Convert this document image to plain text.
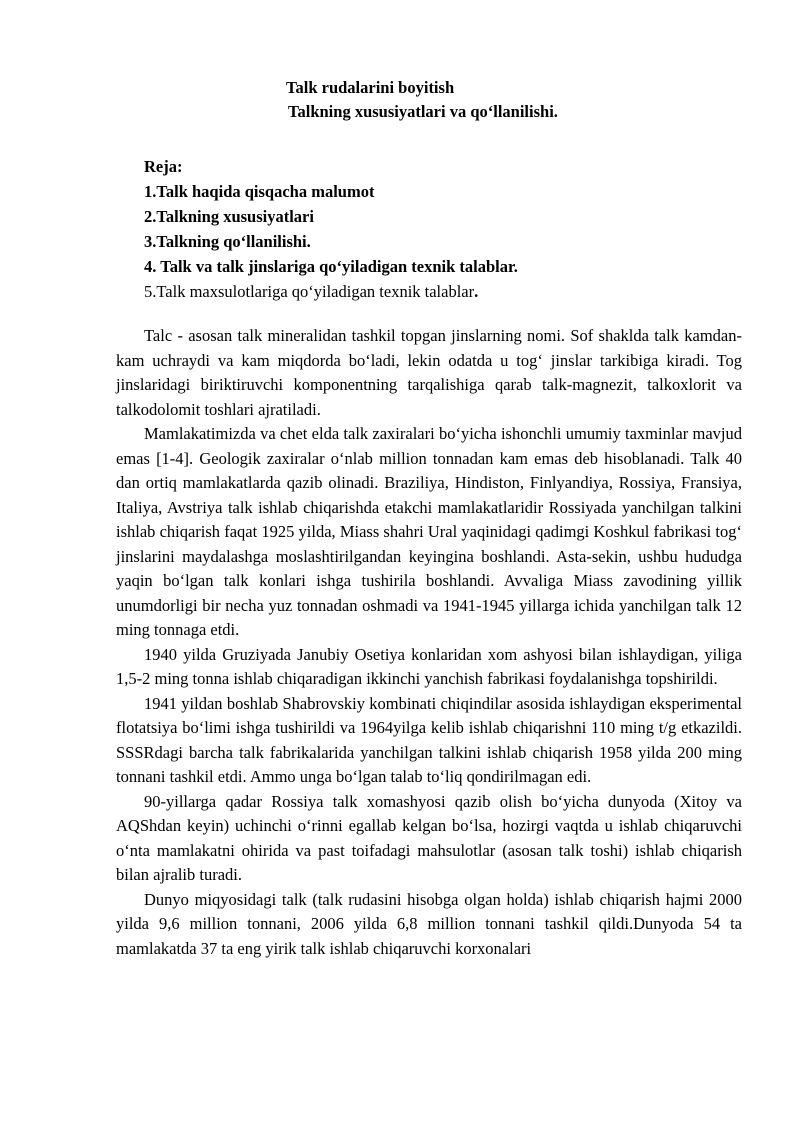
Talk rudalarini boyitish
Talkning xususiyatlari va qo‘llanilishi.
Reja:
1.Talk haqida qisqacha malumot
2.Talkning xususiyatlari
3.Talkning qo‘llanilishi.
4. Talk va talk jinslariga qo‘yiladigan texnik talablar.
5.Talk maxsulotlariga qo‘yiladigan texnik talablar.

Talc - asosan talk mineralidan tashkil topgan jinslarning nomi. Sof shaklda talk kamdan-kam uchraydi va kam miqdorda bo‘ladi, lekin odatda u tog‘ jinslar tarkibiga kiradi. Tog jinslaridagi biriktiruvchi komponentning tarqalishiga qarab talk-magnezit, talkoxlorit va talkodolomit toshlari ajratiladi.

Mamlakatimizda va chet elda talk zaxiralari bo‘yicha ishonchli umumiy taxminlar mavjud emas [1-4]. Geologik zaxiralar o‘nlab million tonnadan kam emas deb hisoblanadi. Talk 40 dan ortiq mamlakatlarda qazib olinadi. Braziliya, Hindiston, Finlyandiya, Rossiya, Fransiya, Italiya, Avstriya talk ishlab chiqarishda etakchi mamlakatlaridir Rossiyada yanchilgan talkini ishlab chiqarish faqat 1925 yilda, Miass shahri Ural yaqinidagi qadimgi Koshkul fabrikasi tog‘ jinslarini maydalashga moslashtirilgandan keyingina boshlandi. Asta-sekin, ushbu hududga yaqin bo‘lgan talk konlari ishga tushirila boshlandi. Avvaliga Miass zavodining yillik unumdorligi bir necha yuz tonnadan oshmadi va 1941-1945 yillarga ichida yanchilgan talk 12 ming tonnaga etdi.

1940 yilda Gruziyada Janubiy Osetiya konlaridan xom ashyosi bilan ishlaydigan, yiliga 1,5-2 ming tonna ishlab chiqaradigan ikkinchi yanchish fabrikasi foydalanishga topshirildi.

1941 yildan boshlab Shabrovskiy kombinati chiqindilar asosida ishlaydigan eksperimental flotatsiya bo‘limi ishga tushirildi va 1964yilga kelib ishlab chiqarishni 110 ming t/g etkazildi. SSSRdagi barcha talk fabrikalarida yanchilgan talkini ishlab chiqarish 1958 yilda 200 ming tonnani tashkil etdi. Ammo unga bo‘lgan talab to‘liq qondirilmagan edi.

90-yillarga qadar Rossiya talk xomashyosi qazib olish bo‘yicha dunyoda (Xitoy va AQShdan keyin) uchinchi o‘rinni egallab kelgan bo‘lsa, hozirgi vaqtda u ishlab chiqaruvchi o‘nta mamlakatni ohirida va past toifadagi mahsulotlar (asosan talk toshi) ishlab chiqarish bilan ajralib turadi.

Dunyo miqyosidagi talk (talk rudasini hisobga olgan holda) ishlab chiqarish hajmi 2000 yilda 9,6 million tonnani, 2006 yilda 6,8 million tonnani tashkil qildi.Dunyoda 54 ta mamlakatda 37 ta eng yirik talk ishlab chiqaruvchi korxonalari
